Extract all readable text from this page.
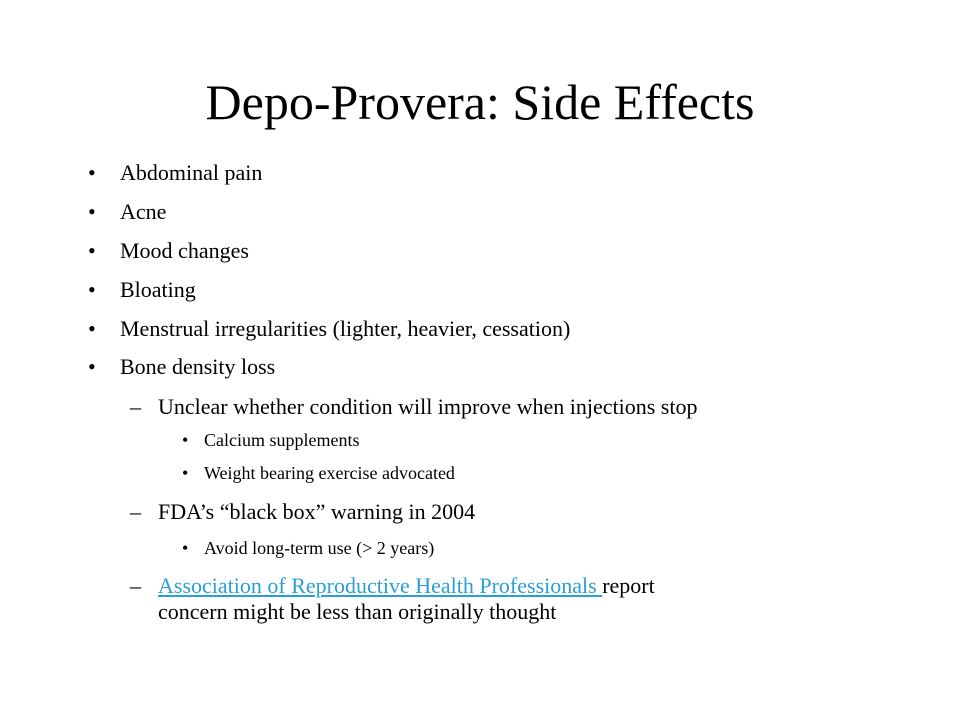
Depo-Provera: Side Effects
• Abdominal pain
• Acne
• Mood changes
• Bloating
• Menstrual irregularities (lighter, heavier, cessation)
• Bone density loss
– Unclear whether condition will improve when injections stop
• Calcium supplements
• Weight bearing exercise advocated
– FDA’s “black box” warning in 2004
• Avoid long-term use (> 2 years)
– Association of Reproductive Health Professionals report
concern might be less than originally thought
